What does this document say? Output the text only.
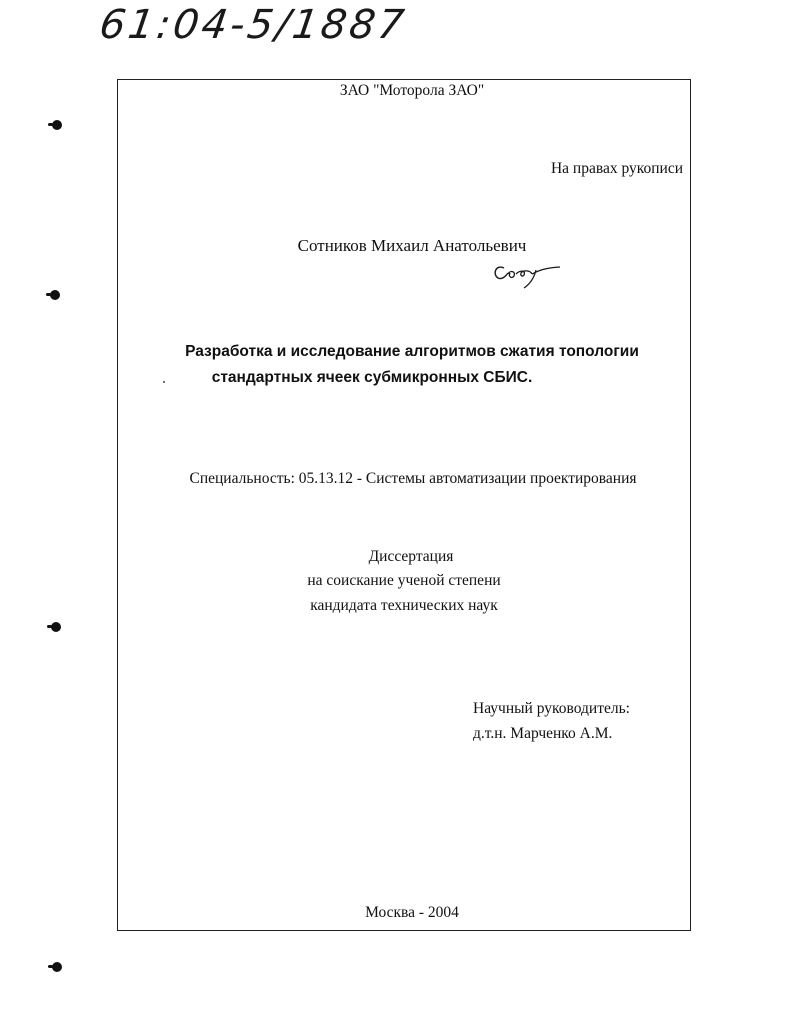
61:04-5/1887
ЗАО "Моторола ЗАО"
На правах рукописи
Сотников Михаил Анатольевич
Разработка и исследование алгоритмов сжатия топологии
стандартных ячеек субмикронных СБИС.
Специальность: 05.13.12 - Системы автоматизации проектирования
Диссертация
на соискание ученой степени
кандидата технических наук
Научный руководитель:
д.т.н. Марченко А.М.
Москва - 2004
